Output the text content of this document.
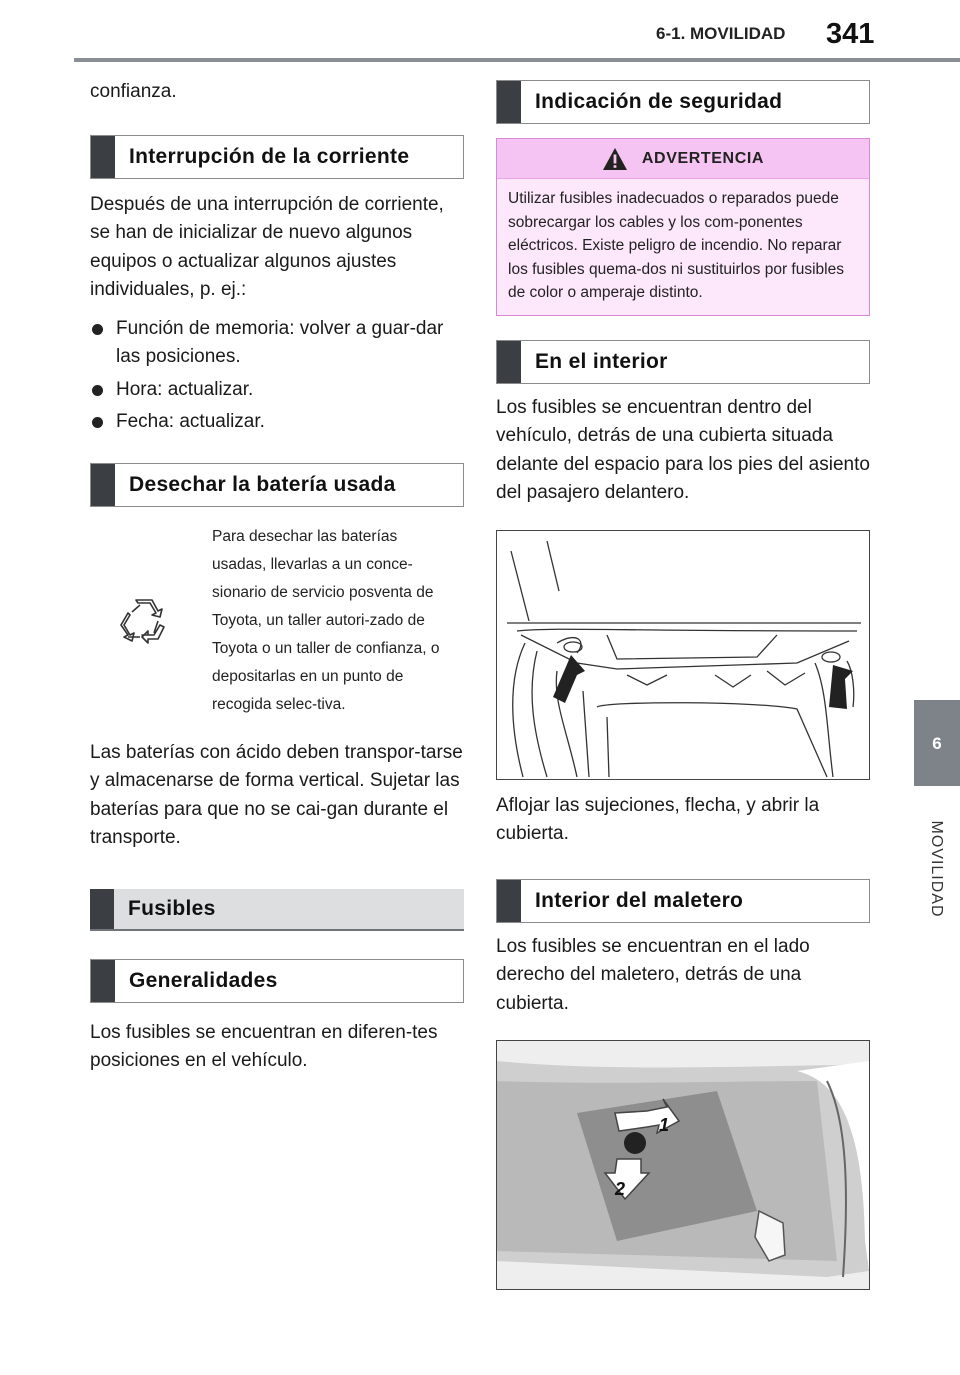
6-1. MOVILIDAD	341
6
MOVILIDAD
confianza.
Interrupción de la corriente
Después de una interrupción de corriente, se han de inicializar de nuevo algunos equipos o actualizar algunos ajustes individuales, p. ej.:
Función de memoria: volver a guar-dar las posiciones.
Hora: actualizar.
Fecha: actualizar.
Desechar la batería usada
Para desechar las baterías usadas, llevarlas a un conce-sionario de servicio posventa de Toyota, un taller autori-zado de Toyota o un taller de confianza, o depositarlas en un punto de recogida selec-tiva.
Las baterías con ácido deben transpor-tarse y almacenarse de forma vertical. Sujetar las baterías para que no se cai-gan durante el transporte.
Fusibles
Generalidades
Los fusibles se encuentran en diferen-tes posiciones en el vehículo.
Indicación de seguridad
ADVERTENCIA
Utilizar fusibles inadecuados o reparados puede sobrecargar los cables y los com-ponentes eléctricos. Existe peligro de incendio. No reparar los fusibles quema-dos ni sustituirlos por fusibles de color o amperaje distinto.
En el interior
Los fusibles se encuentran dentro del vehículo, detrás de una cubierta situada delante del espacio para los pies del asiento del pasajero delantero.
Aflojar las sujeciones, flecha, y abrir la cubierta.
Interior del maletero
Los fusibles se encuentran en el lado derecho del maletero, detrás de una cubierta.
1
2
